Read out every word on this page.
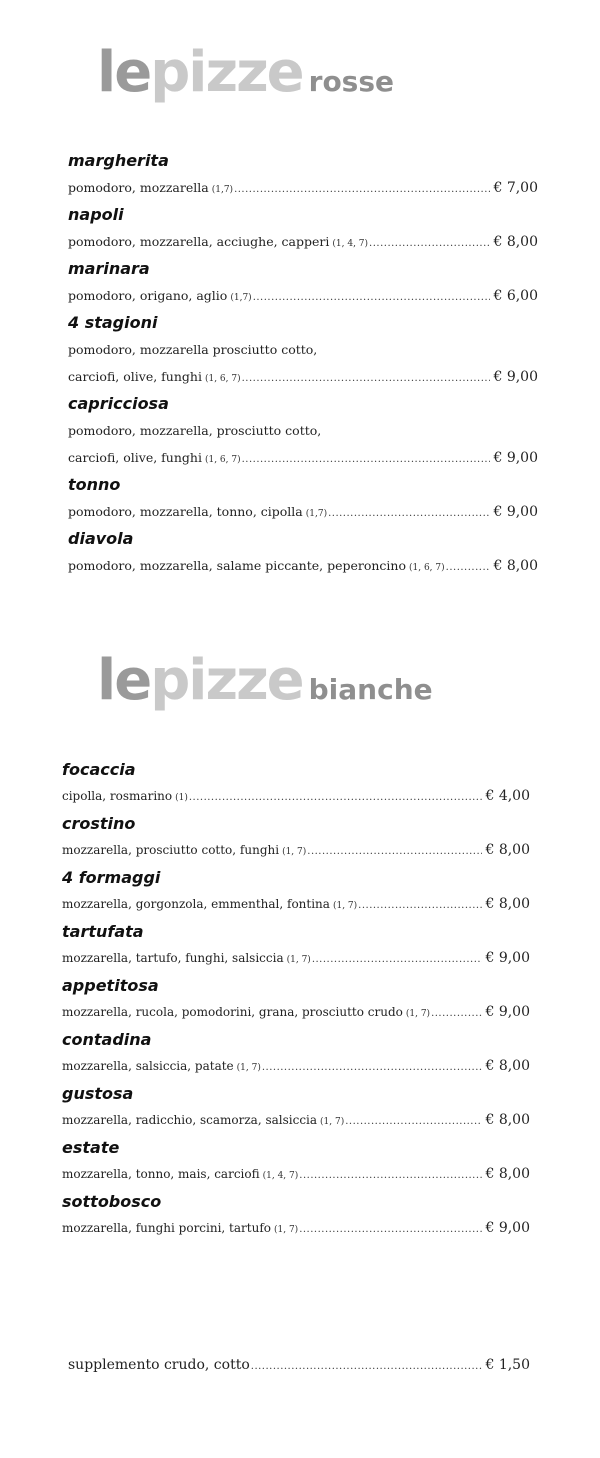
lepizze rosse
margherita
pomodoro, mozzarella (1,7) .....	€ 7,00
napoli
pomodoro, mozzarella, acciughe, capperi (1, 4, 7) .....	€ 8,00
marinara
pomodoro, origano, aglio (1,7) .....	€ 6,00
4 stagioni
pomodoro, mozzarella prosciutto cotto,
carciofi, olive, funghi (1, 6, 7) .....	€ 9,00
capricciosa
pomodoro, mozzarella, prosciutto cotto,
carciofi, olive, funghi (1, 6, 7) .....	€ 9,00
tonno
pomodoro, mozzarella, tonno, cipolla (1,7) .....	€ 9,00
diavola
pomodoro, mozzarella, salame piccante, peperoncino (1, 6, 7) .....	€ 8,00
lepizze bianche
focaccia
cipolla, rosmarino (1) .....	€ 4,00
crostino
mozzarella, prosciutto cotto, funghi (1, 7) .....	€ 8,00
4 formaggi
mozzarella, gorgonzola, emmenthal, fontina (1, 7) .....	€ 8,00
tartufata
mozzarella, tartufo, funghi, salsiccia (1, 7) .....	€ 9,00
appetitosa
mozzarella, rucola, pomodorini, grana, prosciutto crudo (1, 7) .....	€ 9,00
contadina
mozzarella, salsiccia, patate (1, 7) .....	€ 8,00
gustosa
mozzarella, radicchio, scamorza, salsiccia (1, 7) .....	€ 8,00
estate
mozzarella, tonno, mais, carciofi (1, 4, 7) .....	€ 8,00
sottobosco
mozzarella, funghi porcini, tartufo (1, 7) .....	€ 9,00
supplemento crudo, cotto .....	€ 1,50
